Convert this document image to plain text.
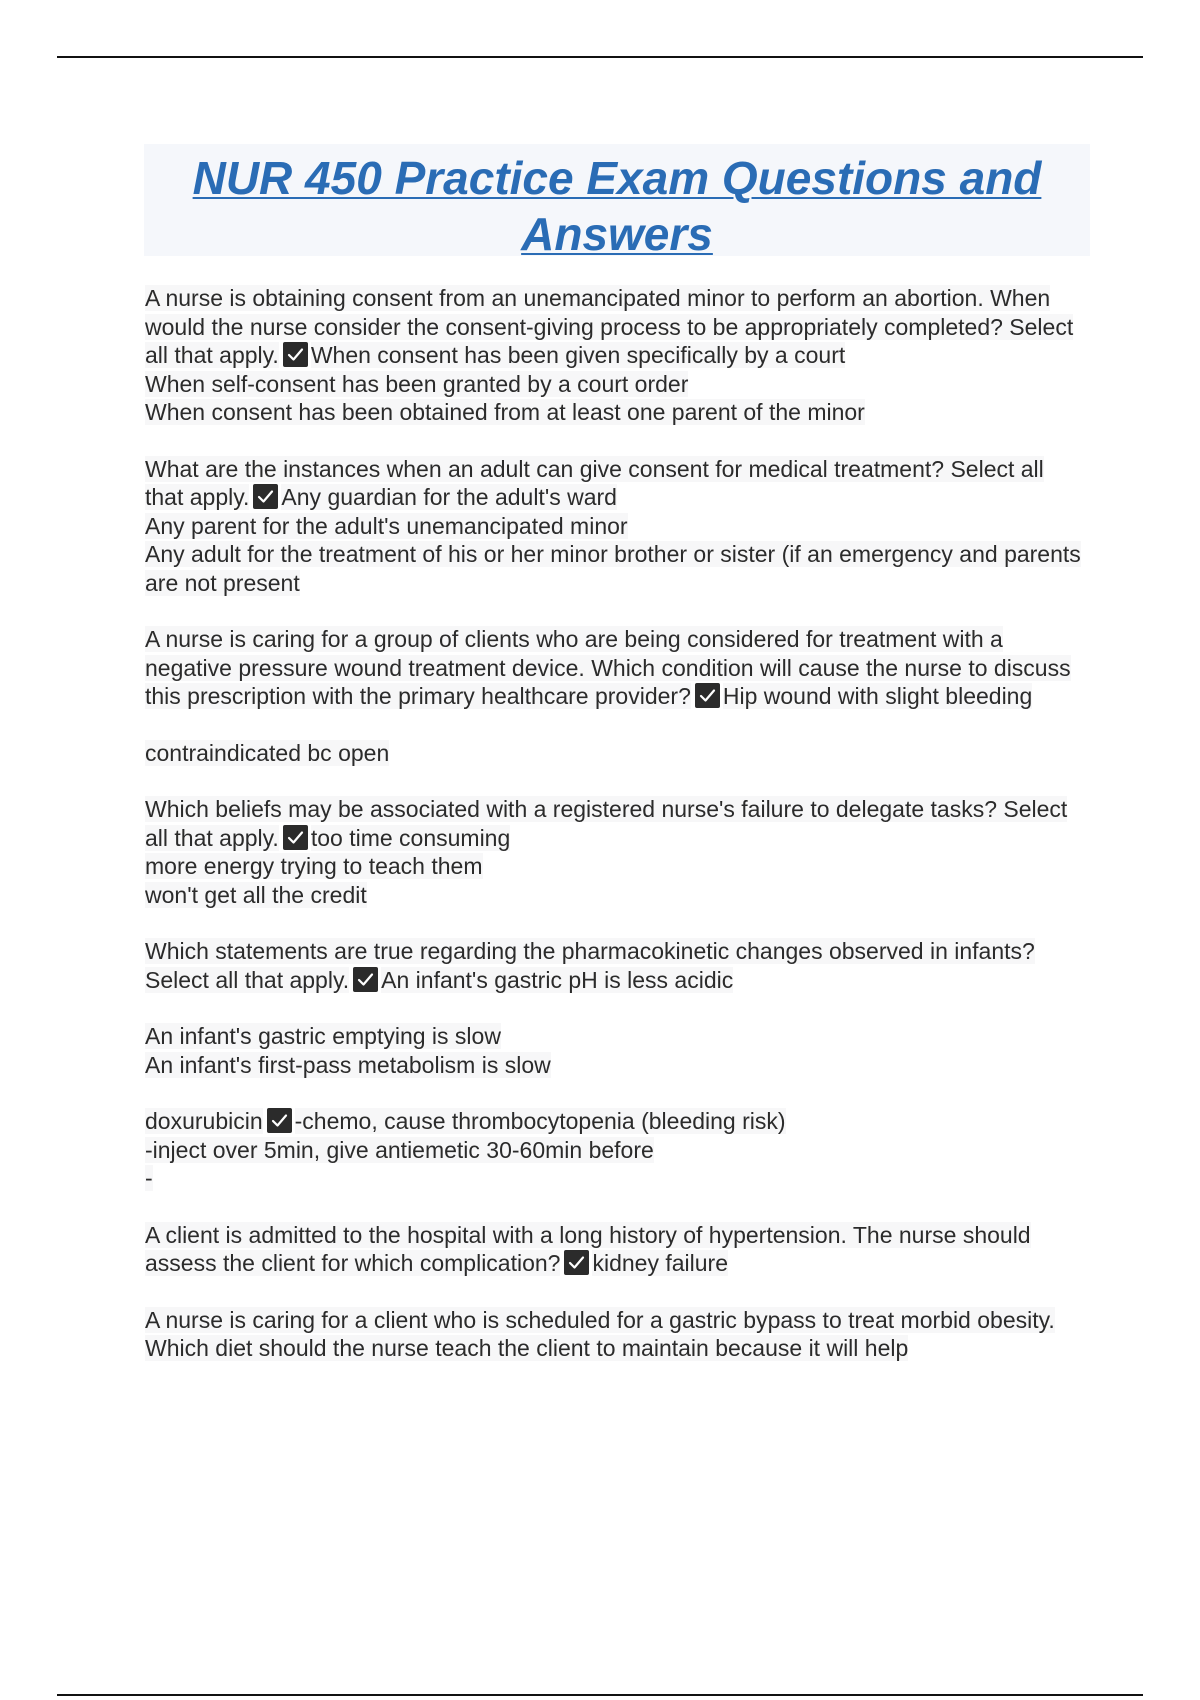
NUR 450 Practice Exam Questions and Answers
A nurse is obtaining consent from an unemancipated minor to perform an abortion. When would the nurse consider the consent-giving process to be appropriately completed? Select all that apply. When consent has been given specifically by a court
When self-consent has been granted by a court order
When consent has been obtained from at least one parent of the minor
What are the instances when an adult can give consent for medical treatment? Select all that apply. Any guardian for the adult's ward
Any parent for the adult's unemancipated minor
Any adult for the treatment of his or her minor brother or sister (if an emergency and parents are not present
A nurse is caring for a group of clients who are being considered for treatment with a negative pressure wound treatment device. Which condition will cause the nurse to discuss this prescription with the primary healthcare provider? Hip wound with slight bleeding
contraindicated bc open
Which beliefs may be associated with a registered nurse's failure to delegate tasks? Select all that apply. too time consuming
more energy trying to teach them
won't get all the credit
Which statements are true regarding the pharmacokinetic changes observed in infants? Select all that apply. An infant's gastric pH is less acidic
An infant's gastric emptying is slow
An infant's first-pass metabolism is slow
doxurubicin -chemo, cause thrombocytopenia (bleeding risk)
-inject over 5min, give antiemetic 30-60min before
-
A client is admitted to the hospital with a long history of hypertension. The nurse should assess the client for which complication? kidney failure
A nurse is caring for a client who is scheduled for a gastric bypass to treat morbid obesity. Which diet should the nurse teach the client to maintain because it will help
